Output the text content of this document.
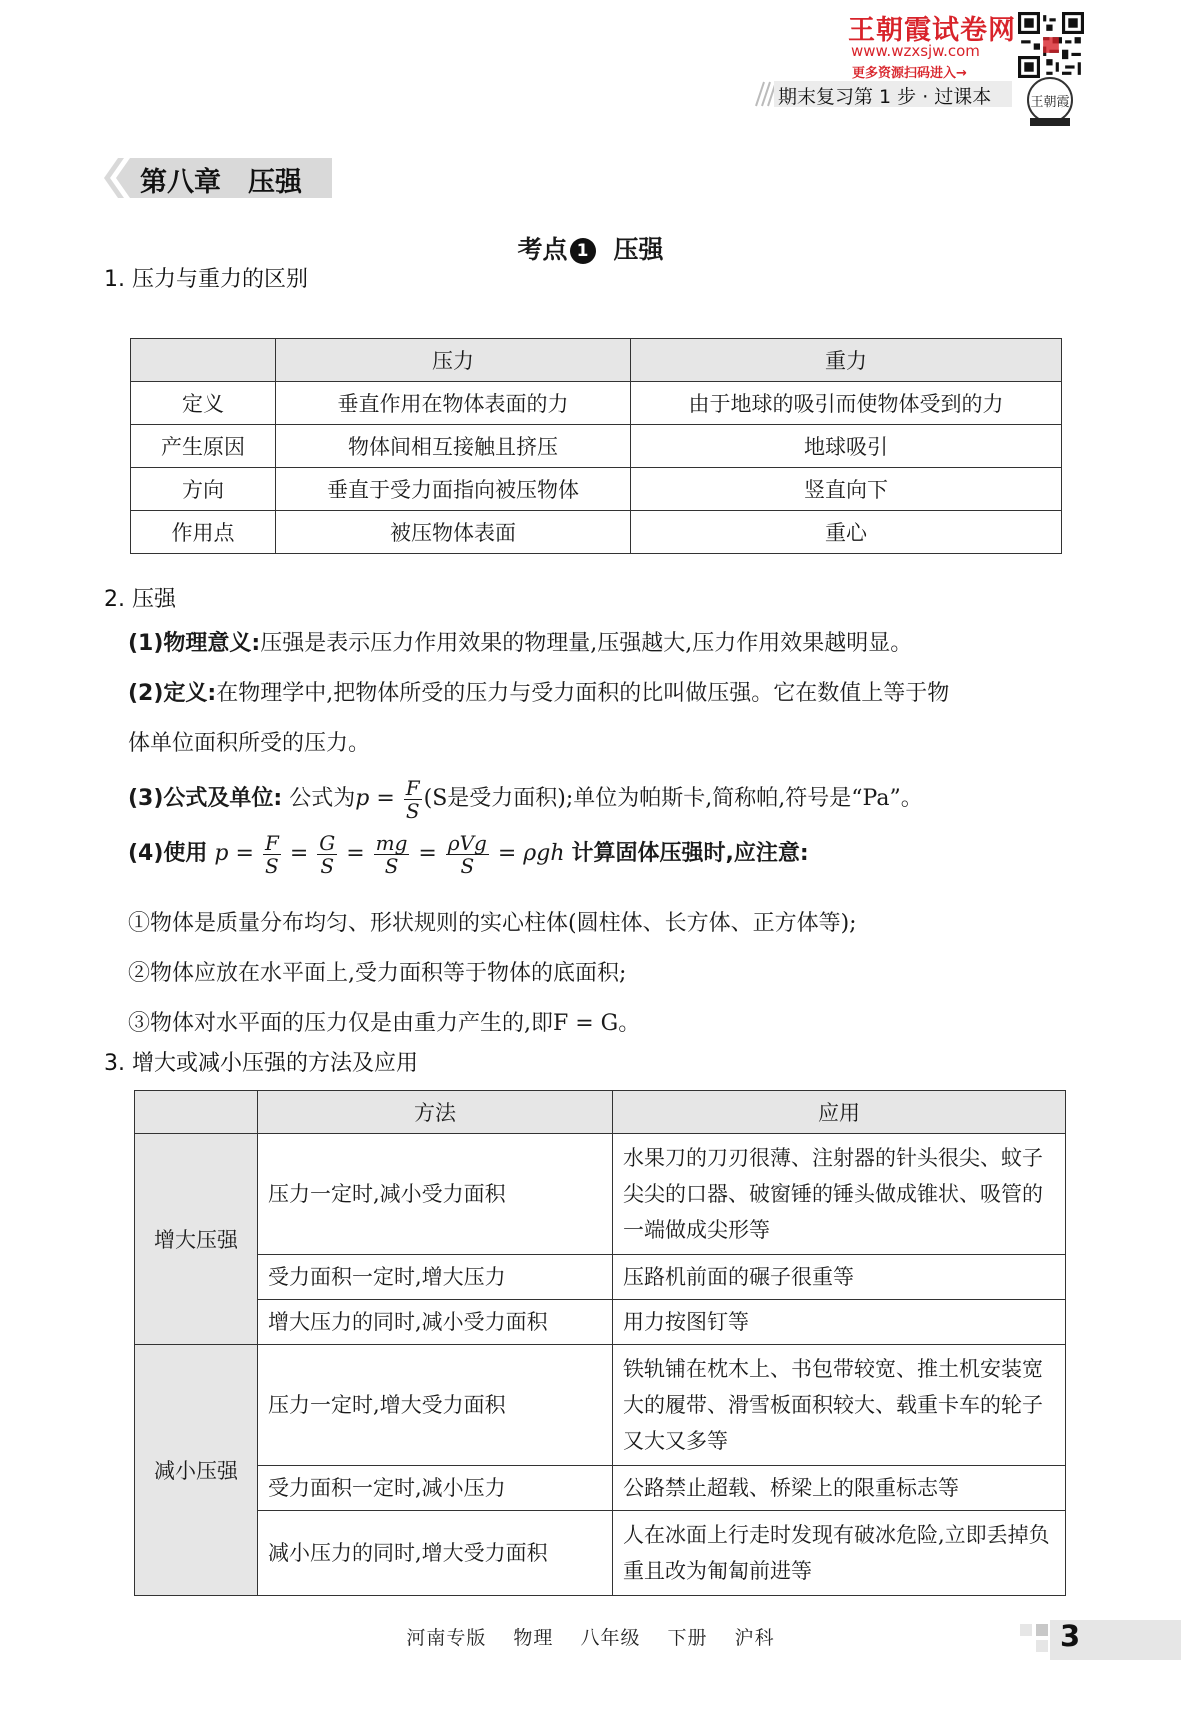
王朝霞试卷网
www.wzxsjw.com
更多资源扫码进入→
期末复习第 1 步 · 过课本	王朝霞
第八章　压强
考点 1 压强
1. 压力与重力的区别
	压力	重力
定义	垂直作用在物体表面的力	由于地球的吸引而使物体受到的力
产生原因	物体间相互接触且挤压	地球吸引
方向	垂直于受力面指向被压物体	竖直向下
作用点	被压物体表面	重心
2. 压强
(1)物理意义:压强是表示压力作用效果的物理量,压强越大,压力作用效果越明显。
(2)定义:在物理学中,把物体所受的压力与受力面积的比叫做压强。它在数值上等于物
体单位面积所受的压力。
(3)公式及单位: 公式为$p = \frac{F}{S} (S$是受力面积);单位为帕斯卡,简称帕,符号是“Pa”。
(4)使用 $p = \frac{F}{S} = \frac{G}{S} = \frac{mg}{S} = \frac{\text{ρVg}}{S} = \rho gh$ 计算固体压强时,应注意:
①物体是质量分布均匀、形状规则的实心柱体(圆柱体、长方体、正方体等);
②物体应放在水平面上,受力面积等于物体的底面积;
③物体对水平面的压力仅是由重力产生的,即F = G。
3. 增大或减小压强的方法及应用
	方法	应用
增大压强	压力一定时,减小受力面积	水果刀的刀刃很薄、注射器的针头很尖、蚊子尖尖的口器、破窗锤的锤头做成锥状、吸管的一端做成尖形等
	受力面积一定时,增大压力	压路机前面的碾子很重等
	增大压力的同时,减小受力面积	用力按图钉等
减小压强	压力一定时,增大受力面积	铁轨铺在枕木上、书包带较宽、推土机安装宽大的履带、滑雪板面积较大、载重卡车的轮子又大又多等
	受力面积一定时,减小压力	公路禁止超载、桥梁上的限重标志等
	减小压力的同时,增大受力面积	人在冰面上行走时发现有破冰危险,立即丢掉负重且改为匍匐前进等
河南专版 物理 八年级 下册 沪科	3
